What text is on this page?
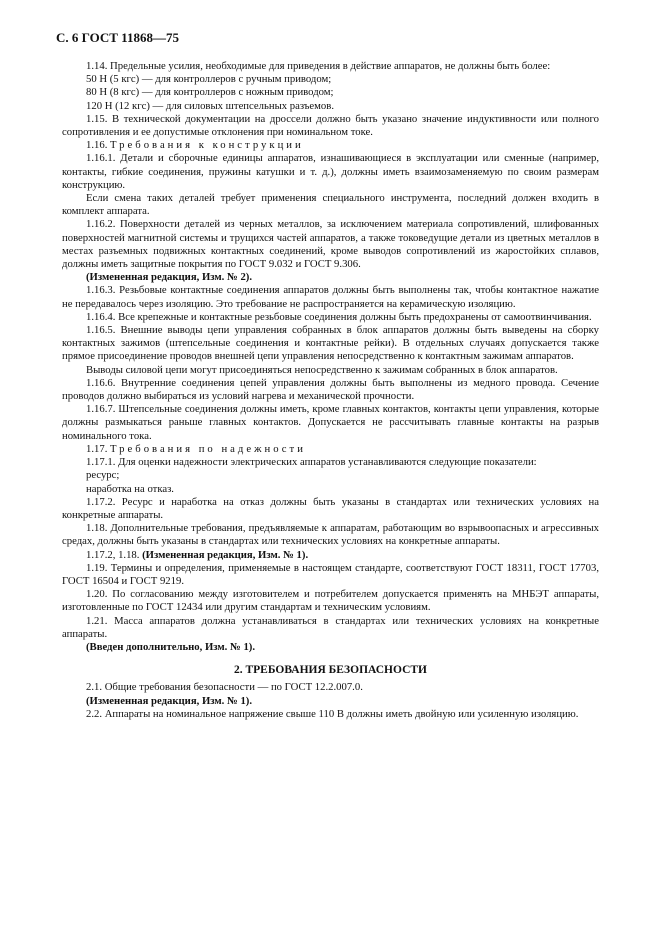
С. 6 ГОСТ 11868—75

1.14. Предельные усилия, необходимые для приведения в действие аппаратов, не должны быть более:

50 Н (5 кгс) — для контроллеров с ручным приводом;

80 Н (8 кгс) — для контроллеров с ножным приводом;

120 Н (12 кгс) — для силовых штепсельных разъемов.

1.15. В технической документации на дроссели должно быть указано значение индуктивности или полного сопротивления и ее допустимые отклонения при номинальном токе.

1.16. Требования к конструкции

1.16.1. Детали и сборочные единицы аппаратов, изнашивающиеся в эксплуатации или сменные (например, контакты, гибкие соединения, пружины катушки и т. д.), должны иметь взаимозаменяемую по своим размерам конструкцию.

Если смена таких деталей требует применения специального инструмента, последний должен входить в комплект аппарата.

1.16.2. Поверхности деталей из черных металлов, за исключением материала сопротивлений, шлифованных поверхностей магнитной системы и трущихся частей аппаратов, а также токоведущие детали из цветных металлов в местах разъемных подвижных контактных соединений, кроме выводов сопротивлений из жаростойких сплавов, должны иметь защитные покрытия по ГОСТ 9.032 и ГОСТ 9.306.

(Измененная редакция, Изм. № 2).

1.16.3. Резьбовые контактные соединения аппаратов должны быть выполнены так, чтобы контактное нажатие не передавалось через изоляцию. Это требование не распространяется на керамическую изоляцию.

1.16.4. Все крепежные и контактные резьбовые соединения должны быть предохранены от самоотвинчивания.

1.16.5. Внешние выводы цепи управления собранных в блок аппаратов должны быть выведены на сборку контактных зажимов (штепсельные соединения и контактные рейки). В отдельных случаях допускается также прямое присоединение проводов внешней цепи управления непосредственно к контактным зажимам аппаратов.

Выводы силовой цепи могут присоединяться непосредственно к зажимам собранных в блок аппаратов.

1.16.6. Внутренние соединения цепей управления должны быть выполнены из медного провода. Сечение проводов должно выбираться из условий нагрева и механической прочности.

1.16.7. Штепсельные соединения должны иметь, кроме главных контактов, контакты цепи управления, которые должны размыкаться раньше главных контактов. Допускается не рассчитывать главные контакты на разрыв номинального тока.

1.17. Требования по надежности

1.17.1. Для оценки надежности электрических аппаратов устанавливаются следующие показатели:

ресурс;

наработка на отказ.

1.17.2. Ресурс и наработка на отказ должны быть указаны в стандартах или технических условиях на конкретные аппараты.

1.18. Дополнительные требования, предъявляемые к аппаратам, работающим во взрывоопасных и агрессивных средах, должны быть указаны в стандартах или технических условиях на конкретные аппараты.

1.17.2, 1.18. (Измененная редакция, Изм. № 1).

1.19. Термины и определения, применяемые в настоящем стандарте, соответствуют ГОСТ 18311, ГОСТ 17703, ГОСТ 16504 и ГОСТ 9219.

1.20. По согласованию между изготовителем и потребителем допускается применять на МНБЭТ аппараты, изготовленные по ГОСТ 12434 или другим стандартам и техническим условиям.

1.21. Масса аппаратов должна устанавливаться в стандартах или технических условиях на конкретные аппараты.

(Введен дополнительно, Изм. № 1).

2. ТРЕБОВАНИЯ БЕЗОПАСНОСТИ

2.1. Общие требования безопасности — по ГОСТ 12.2.007.0.

(Измененная редакция, Изм. № 1).

2.2. Аппараты на номинальное напряжение свыше 110 В должны иметь двойную или усиленную изоляцию.
